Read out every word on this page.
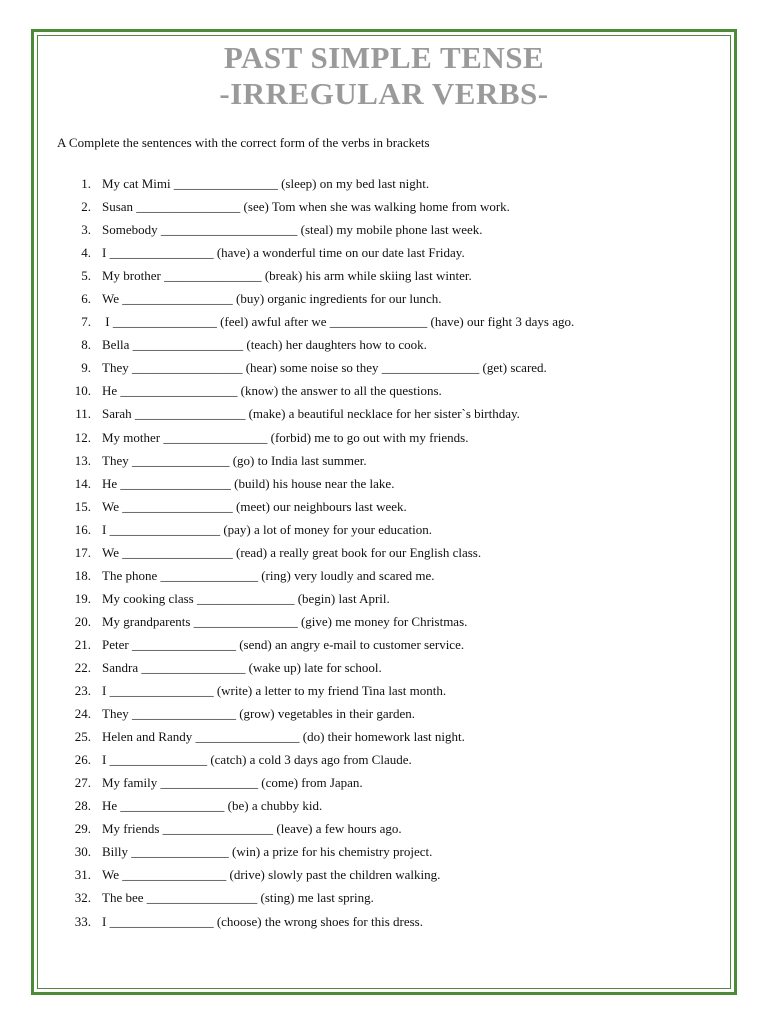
PAST SIMPLE TENSE
-IRREGULAR VERBS-

A Complete the sentences with the correct form of the verbs in brackets

1. My cat Mimi ________________ (sleep) on my bed last night.
2. Susan ________________ (see) Tom when she was walking home from work.
3. Somebody _____________________ (steal) my mobile phone last week.
4. I ________________ (have) a wonderful time on our date last Friday.
5. My brother _______________ (break) his arm while skiing last winter.
6. We _________________ (buy) organic ingredients for our lunch.
7. I ________________ (feel) awful after we _______________ (have) our fight 3 days ago.
8. Bella _________________ (teach) her daughters how to cook.
9. They _________________ (hear) some noise so they _______________ (get) scared.
10. He __________________ (know) the answer to all the questions.
11. Sarah _________________ (make) a beautiful necklace for her sister`s birthday.
12. My mother ________________ (forbid) me to go out with my friends.
13. They _______________ (go) to India last summer.
14. He _________________ (build) his house near the lake.
15. We _________________ (meet) our neighbours last week.
16. I _________________ (pay) a lot of money for your education.
17. We _________________ (read) a really great book for our English class.
18. The phone _______________ (ring) very loudly and scared me.
19. My cooking class _______________ (begin) last April.
20. My grandparents ________________ (give) me money for Christmas.
21. Peter ________________ (send) an angry e-mail to customer service.
22. Sandra ________________ (wake up) late for school.
23. I ________________ (write) a letter to my friend Tina last month.
24. They ________________ (grow) vegetables in their garden.
25. Helen and Randy ________________ (do) their homework last night.
26. I _______________ (catch) a cold 3 days ago from Claude.
27. My family _______________ (come) from Japan.
28. He ________________ (be) a chubby kid.
29. My friends _________________ (leave) a few hours ago.
30. Billy _______________ (win) a prize for his chemistry project.
31. We ________________ (drive) slowly past the children walking.
32. The bee _________________ (sting) me last spring.
33. I ________________ (choose) the wrong shoes for this dress.
